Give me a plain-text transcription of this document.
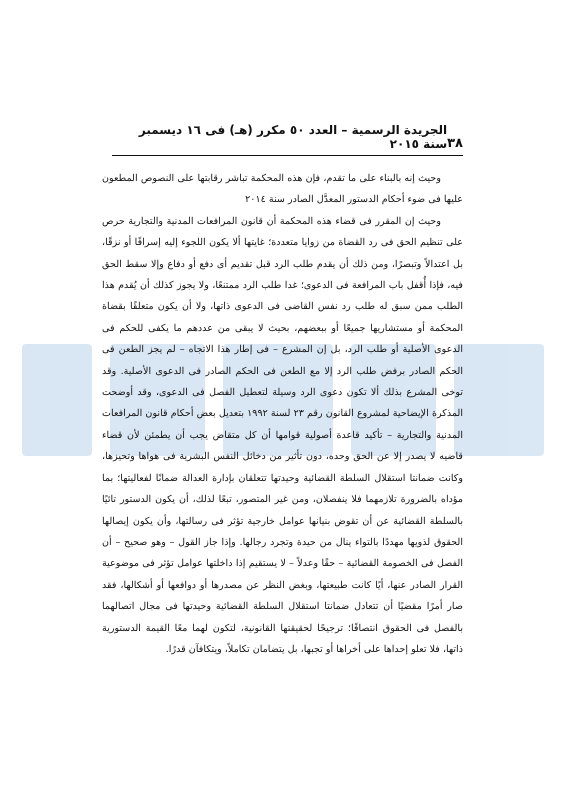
٣٨
الجريدة الرسمية – العدد ٥٠ مكرر (هـ) فى ١٦ ديسمبر سنة ٢٠١٥

وحيث إنه بالبناء على ما تقدم، فإن هذه المحكمة تباشر رقابتها على النصوص المطعون عليها فى ضوء أحكام الدستور المعدَّل الصادر سنة ٢٠١٤

وحيث إن المقرر فى قضاء هذه المحكمة أن قانون المرافعات المدنية والتجارية حرص على تنظيم الحق فى رد القضاة من زوايا متعددة؛ غايتها ألا يكون اللجوء إليه إسرافًا أو نزقًا، بل اعتدالاً وتبصرًا، ومن ذلك أن يقدم طلب الرد قبل تقديم أى دفع أو دفاع وإلا سقط الحق فيه، فإذا أُقفل باب المرافعة فى الدعوى؛ غدا طلب الرد ممتنعًا، ولا يجوز كذلك أن يُقدم هذا الطلب ممن سبق له طلب رد نفس القاضى فى الدعوى ذاتها، ولا أن يكون متعلقًا بقضاة المحكمة أو مستشاريها جميعًا أو ببعضهم، بحيث لا يبقى من عددهم ما يكفى للحكم فى الدعوى الأصلية أو طلب الرد، بل إن المشرع – فى إطار هذا الاتجاه – لم يجز الطعن فى الحكم الصادر برفض طلب الرد إلا مع الطعن فى الحكم الصادر فى الدعوى الأصلية. وقد توخى المشرع بذلك ألا تكون دعوى الرد وسيلة لتعطيل الفصل فى الدعوى، وقد أوضحت المذكرة الإيضاحية لمشروع القانون رقم ٢٣ لسنة ١٩٩٢ بتعديل بعض أحكام قانون المرافعات المدنية والتجارية – تأكيد قاعدة أصولية قوامها أن كل متقاض يجب أن يطمئن لأن قضاء قاضيه لا يصدر إلا عن الحق وحده، دون تأثير من دخائل النفس البشرية فى هواها وتحيزها، وكانت ضمانتا استقلال السلطة القضائية وحيدتها تتعلقان بإدارة العدالة ضمانًا لفعاليتها؛ بما مؤداه بالضرورة تلازمهما فلا ينفصلان، ومن غير المتصور، تبعًا لذلك، أن يكون الدستور تائيًا بالسلطة القضائية عن أن تقوض بنيانها عوامل خارجية تؤثر فى رسالتها، وأن يكون إيصالها الحقوق لذويها مهددًا بالتواء ينال من حيدة وتجرد رجالها. وإذا جاز القول – وهو صحيح – أن الفصل فى الخصومة القضائية – حقًا وعدلاً – لا يستقيم إذا داخلتها عوامل تؤثر فى موضوعية القرار الصادر عنها، أيًا كانت طبيعتها، وبغض النظر عن مصدرها أو دوافعها أو أشكالها، فقد صار أمرًا مقضيًا أن تتعادل ضمانتا استقلال السلطة القضائية وحيدتها فى مجال اتصالهما بالفصل فى الحقوق انتصافًا؛ ترجيحًا لحقيقتها القانونية، لتكون لهما معًا القيمة الدستورية ذاتها، فلا تعلو إحداها على أخراها أو تجبها، بل يتضامان تكاملاً، ويتكافآن قدرًا.
